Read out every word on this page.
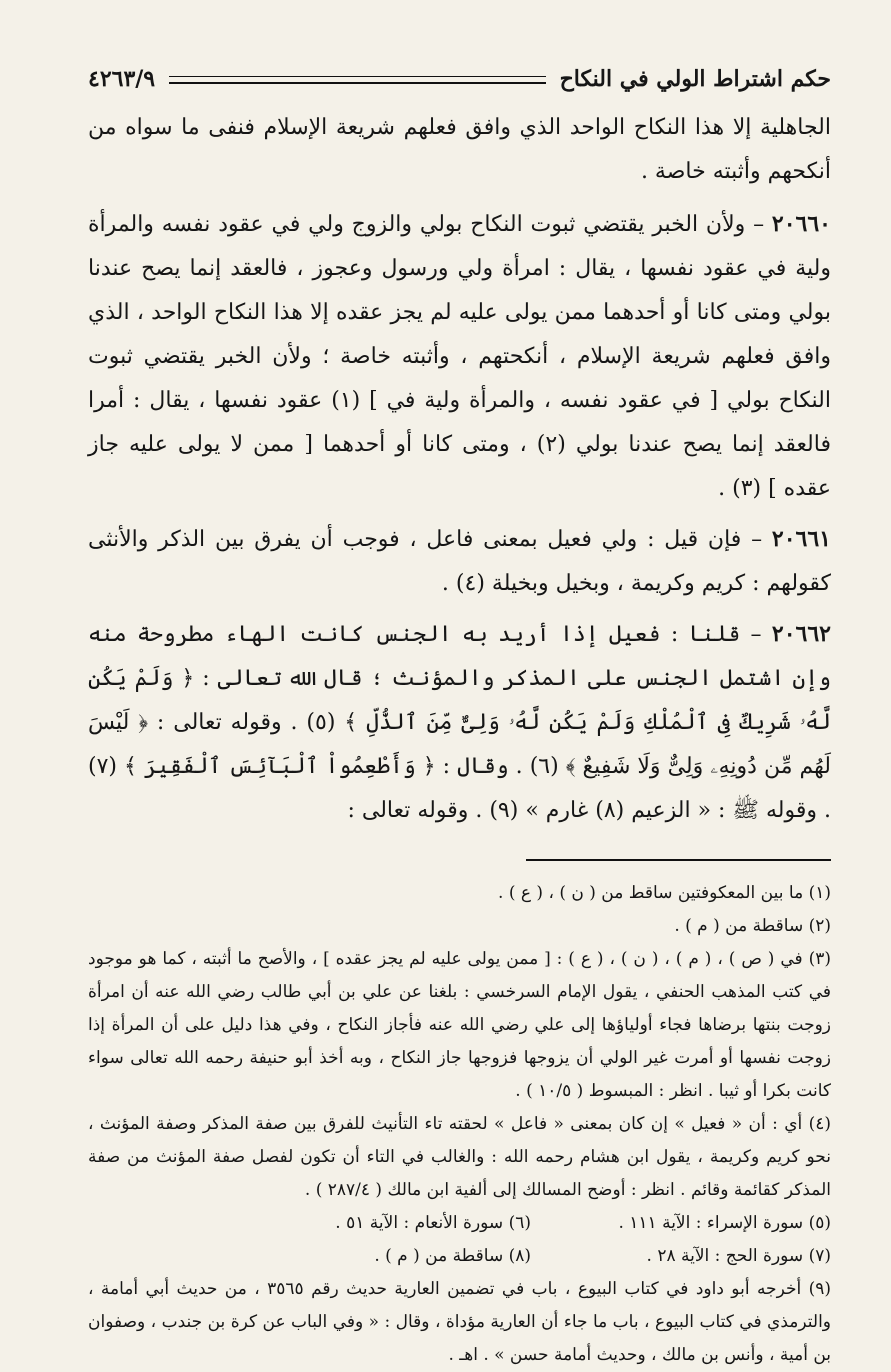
حكم اشتراط الولي في النكاح
٤٢٦٣/٩

الجاهلية إلا هذا النكاح الواحد الذي وافق فعلهم شريعة الإسلام فنفى ما سواه من أنكحهم وأثبته خاصة .

٢٠٦٦٠ – ولأن الخبر يقتضي ثبوت النكاح بولي والزوج ولي في عقود نفسه والمرأة ولية في عقود نفسها ، يقال : امرأة ولي ورسول وعجوز ، فالعقد إنما يصح عندنا بولي ومتى كانا أو أحدهما ممن يولى عليه لم يجز عقده إلا هذا النكاح الواحد ، الذي وافق فعلهم شريعة الإسلام ، أنكحتهم ، وأثبته خاصة ؛ ولأن الخبر يقتضي ثبوت النكاح بولي [ في عقود نفسه ، والمرأة ولية في ] (١) عقود نفسها ، يقال : أمرا فالعقد إنما يصح عندنا بولي (٢) ، ومتى كانا أو أحدهما [ ممن لا يولى عليه جاز عقده ] (٣) .

٢٠٦٦١ – فإن قيل : ولي فعيل بمعنى فاعل ، فوجب أن يفرق بين الذكر والأنثى كقولهم : كريم وكريمة ، وبخيل وبخيلة (٤) .

٢٠٦٦٢ – قلنا : فعيل إذا أريد به الجنس كانت الهاء مطروحة منه وإن اشتمل الجنس على المذكر والمؤنث ؛ قال الله تعالى : ﴿ وَلَمْ يَكُن لَّهُۥ شَرِيكٌ فِى ٱلْمُلْكِ وَلَمْ يَكُن لَّهُۥ وَلِىٌّ مِّنَ ٱلذُّلِّ ﴾ (٥) . وقوله تعالى : ﴿ لَيْسَ لَهُم مِّن دُونِهِۦ وَلِىٌّ وَلَا شَفِيعٌ ﴾ (٦) . وقال : ﴿ وَأَطْعِمُواْ ٱلْبَآئِسَ ٱلْفَقِيرَ ﴾ (٧) . وقوله ﷺ : « الزعيم (٨) غارم » (٩) . وقوله تعالى :

(١) ما بين المعكوفتين ساقط من ( ن ) ، ( ع ) .

(٢) ساقطة من ( م ) .

(٣) في ( ص ) ، ( م ) ، ( ن ) ، ( ع ) : [ ممن يولى عليه لم يجز عقده ] ، والأصح ما أثبته ، كما هو موجود في كتب المذهب الحنفي ، يقول الإمام السرخسي : بلغنا عن علي بن أبي طالب رضي الله عنه أن امرأة زوجت بنتها برضاها فجاء أولياؤها إلى علي رضي الله عنه فأجاز النكاح ، وفي هذا دليل على أن المرأة إذا زوجت نفسها أو أمرت غير الولي أن يزوجها فزوجها جاز النكاح ، وبه أخذ أبو حنيفة رحمه الله تعالى سواء كانت بكرا أو ثيبا . انظر : المبسوط ( ١٠/٥ ) .

(٤) أي : أن « فعيل » إن كان بمعنى « فاعل » لحقته تاء التأنيث للفرق بين صفة المذكر وصفة المؤنث ، نحو كريم وكريمة ، يقول ابن هشام رحمه الله : والغالب في التاء أن تكون لفصل صفة المؤنث من صفة المذكر كقائمة وقائم . انظر : أوضح المسالك إلى ألفية ابن مالك ( ٢٨٧/٤ ) .

(٥) سورة الإسراء : الآية ١١١ .
(٦) سورة الأنعام : الآية ٥١ .
(٧) سورة الحج : الآية ٢٨ .
(٨) ساقطة من ( م ) .

(٩) أخرجه أبو داود في كتاب البيوع ، باب في تضمين العارية حديث رقم ٣٥٦٥ ، من حديث أبي أمامة ، والترمذي في كتاب البيوع ، باب ما جاء أن العارية مؤداة ، وقال : « وفي الباب عن كرة بن جندب ، وصفوان بن أمية ، وأنس بن مالك ، وحديث أمامة حسن » . اهـ .
